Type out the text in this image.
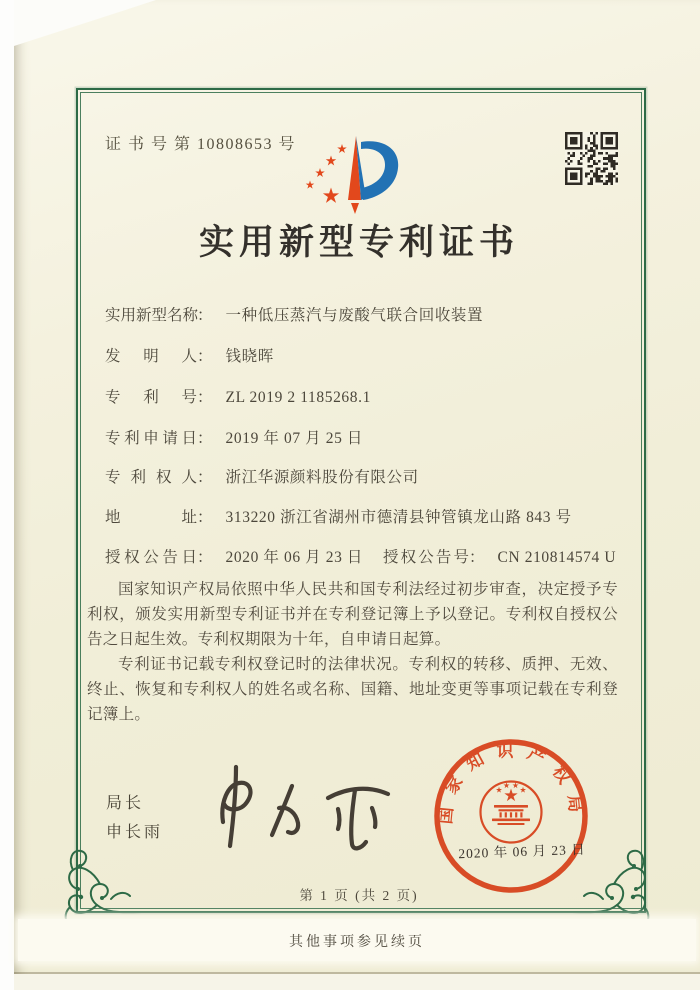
证 书 号 第 10808653 号
实用新型专利证书
实用新型名称： 一种低压蒸汽与废酸气联合回收装置
发明人： 钱晓晖
专利号： ZL 2019 2 1185268.1
专利申请日： 2019 年 07 月 25 日
专利权人： 浙江华源颜料股份有限公司
地址： 313220 浙江省湖州市德清县钟管镇龙山路 843 号
授权公告日： 2020 年 06 月 23 日 授权公告号： CN 210814574 U

国家知识产权局依照中华人民共和国专利法经过初步审查，决定授予专利权，颁发实用新型专利证书并在专利登记簿上予以登记。专利权自授权公告之日起生效。专利权期限为十年，自申请日起算。

专利证书记载专利权登记时的法律状况。专利权的转移、质押、无效、终止、恢复和专利权人的姓名或名称、国籍、地址变更等事项记载在专利登记簿上。

局长
申长雨
国家知识产权局
2020 年 06 月 23 日
第 1 页 (共 2 页)
其他事项参见续页
